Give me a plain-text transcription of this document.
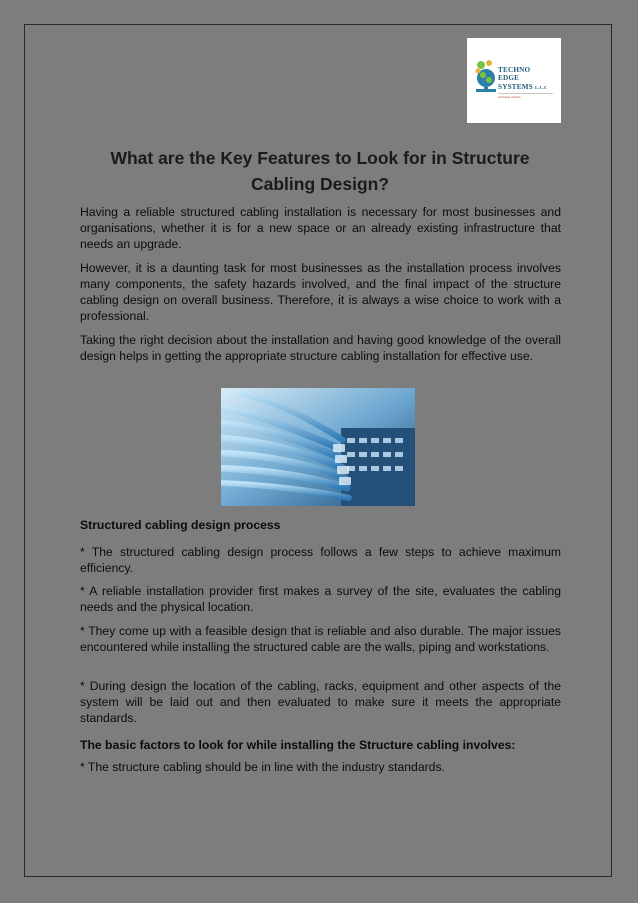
TECHNO
EDGE
SYSTEMS L.L.C
technology solutions
What are the Key Features to Look for in Structure Cabling Design?

Having a reliable structured cabling installation is necessary for most businesses and organisations, whether it is for a new space or an already existing infrastructure that needs an upgrade.

However, it is a daunting task for most businesses as the installation process involves many components, the safety hazards involved, and the final impact of the structure cabling design on overall business. Therefore, it is always a wise choice to work with a professional.

Taking the right decision about the installation and having good knowledge of the overall design helps in getting the appropriate structure cabling installation for effective use.

Structured cabling design process
* The structured cabling design process follows a few steps to achieve maximum efficiency.
* A reliable installation provider first makes a survey of the site, evaluates the cabling needs and the physical location.
* They come up with a feasible design that is reliable and also durable. The major issues encountered while installing the structured cable are the walls, piping and workstations.
* During design the location of the cabling, racks, equipment and other aspects of the system will be laid out and then evaluated to make sure it meets the appropriate standards.
The basic factors to look for while installing the Structure cabling involves:
* The structure cabling should be in line with the industry standards.
